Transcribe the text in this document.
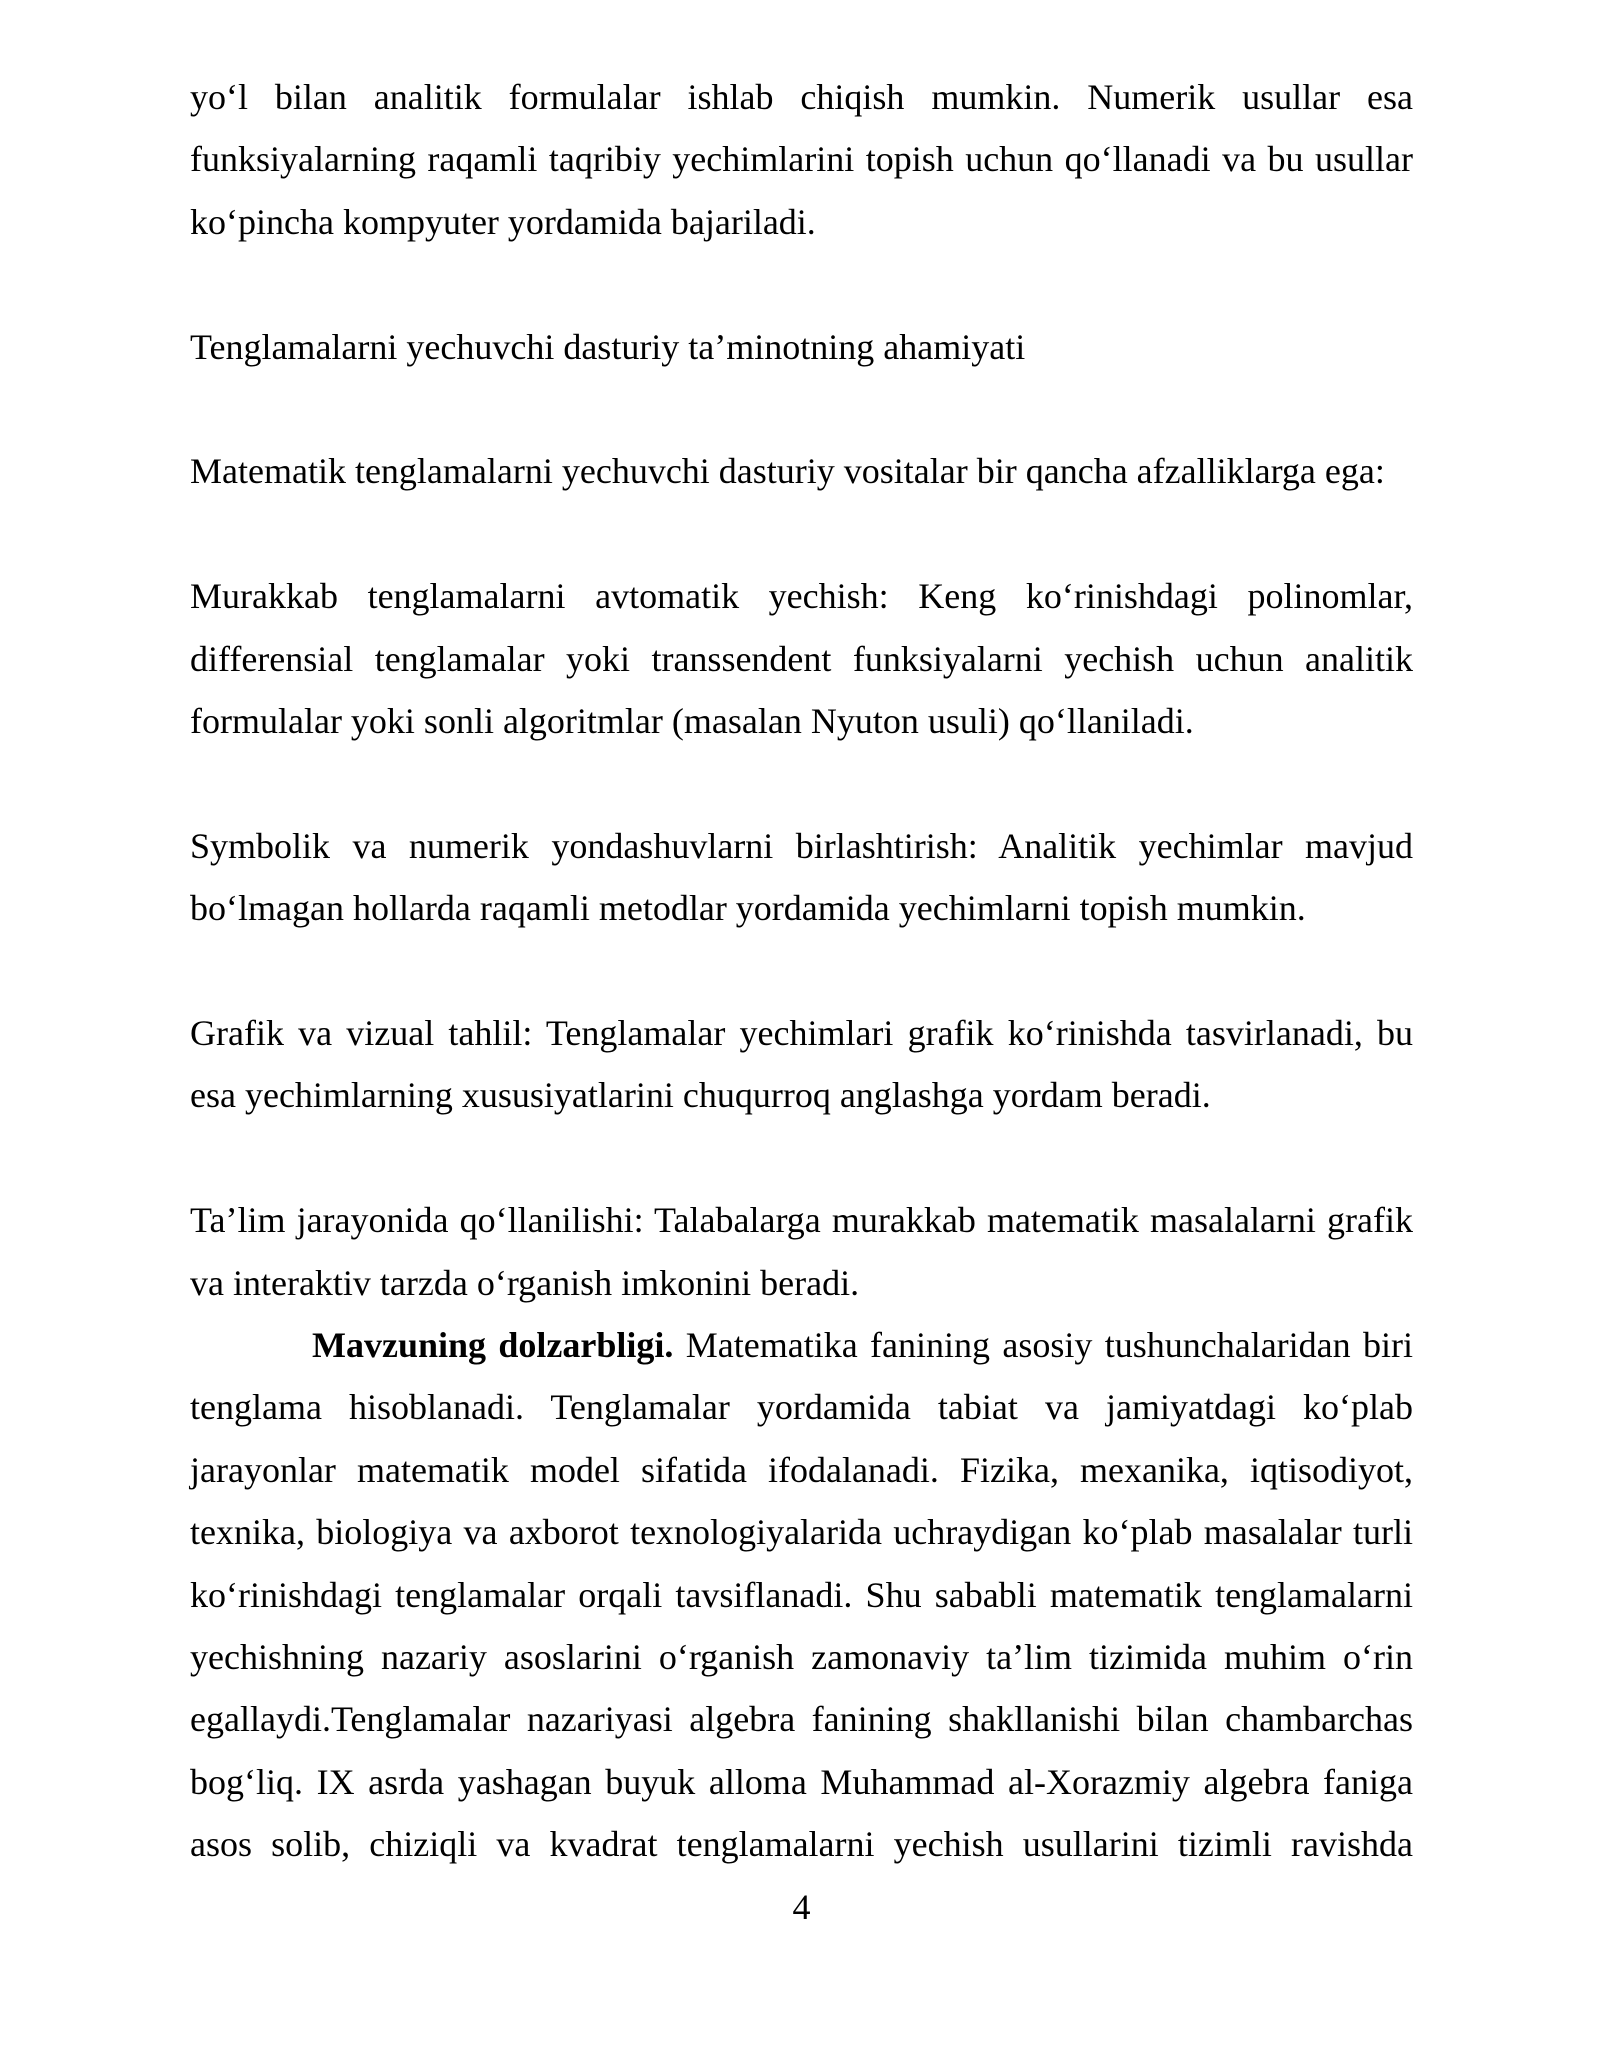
yoʻl bilan analitik formulalar ishlab chiqish mumkin. Numerik usullar esa
funksiyalarning raqamli taqribiy yechimlarini topish uchun qoʻllanadi va bu usullar
koʻpincha kompyuter yordamida bajariladi.
Tenglamalarni yechuvchi dasturiy taʼminotning ahamiyati
Matematik tenglamalarni yechuvchi dasturiy vositalar bir qancha afzalliklarga ega:
Murakkab tenglamalarni avtomatik yechish: Keng koʻrinishdagi polinomlar,
differensial tenglamalar yoki transsendent funksiyalarni yechish uchun analitik
formulalar yoki sonli algoritmlar (masalan Nyuton usuli) qoʻllaniladi.
Symbolik va numerik yondashuvlarni birlashtirish: Analitik yechimlar mavjud
boʻlmagan hollarda raqamli metodlar yordamida yechimlarni topish mumkin.
Grafik va vizual tahlil: Tenglamalar yechimlari grafik koʻrinishda tasvirlanadi, bu
esa yechimlarning xususiyatlarini chuqurroq anglashga yordam beradi.
Taʼlim jarayonida qoʻllanilishi: Talabalarga murakkab matematik masalalarni grafik
va interaktiv tarzda oʻrganish imkonini beradi.
Mavzuning dolzarbligi. Matematika fanining asosiy tushunchalaridan biri
tenglama hisoblanadi. Tenglamalar yordamida tabiat va jamiyatdagi koʻplab
jarayonlar matematik model sifatida ifodalanadi. Fizika, mexanika, iqtisodiyot,
texnika, biologiya va axborot texnologiyalarida uchraydigan koʻplab masalalar turli
koʻrinishdagi tenglamalar orqali tavsiflanadi. Shu sababli matematik tenglamalarni
yechishning nazariy asoslarini oʻrganish zamonaviy taʼlim tizimida muhim oʻrin
egallaydi.Tenglamalar nazariyasi algebra fanining shakllanishi bilan chambarchas
bogʻliq. IX asrda yashagan buyuk alloma Muhammad al-Xorazmiy algebra faniga
asos solib, chiziqli va kvadrat tenglamalarni yechish usullarini tizimli ravishda
4
